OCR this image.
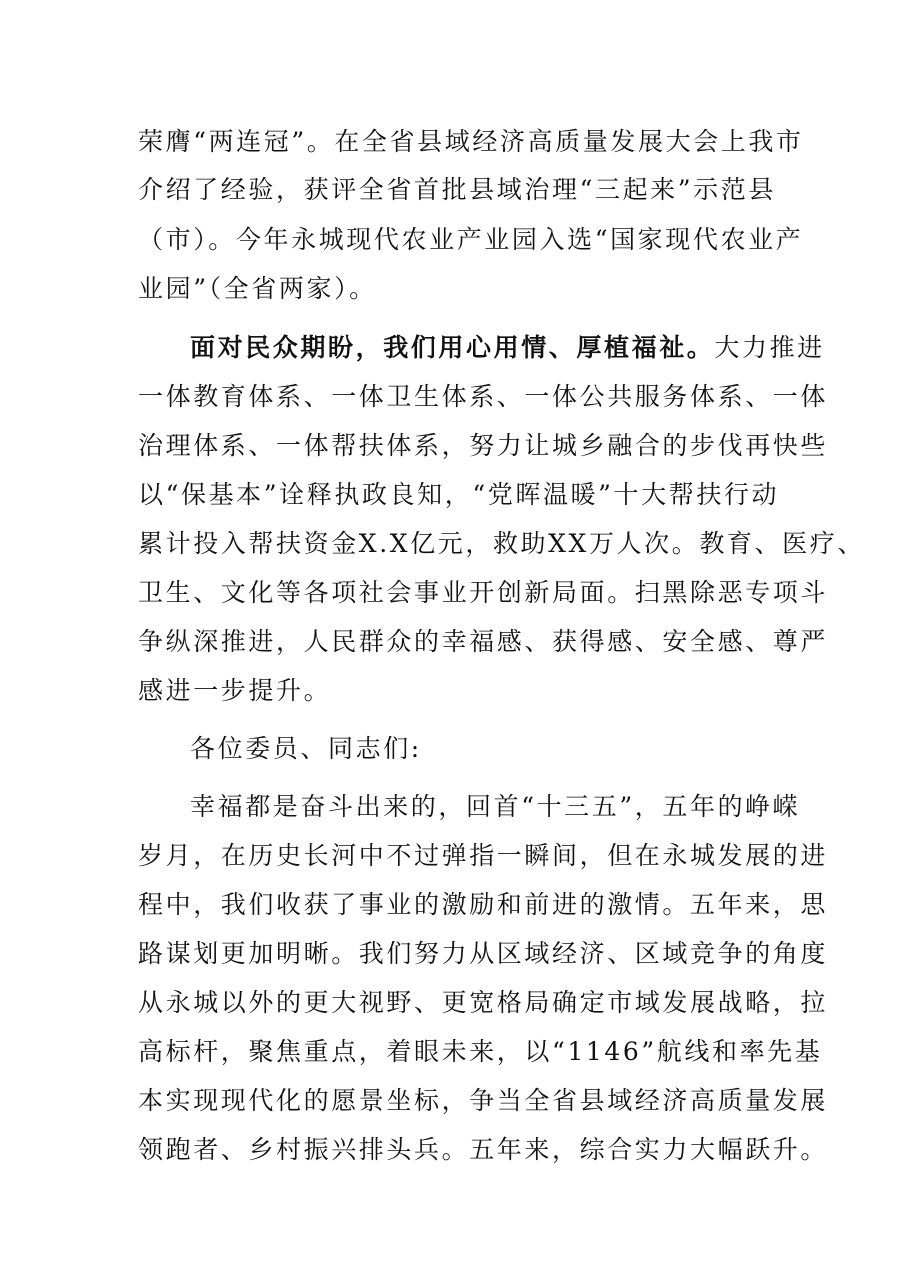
荣膺“两连冠”。在全省县域经济高质量发展大会上我市
介绍了经验，获评全省首批县域治理“三起来”示范县
（市）。今年永城现代农业产业园入选“国家现代农业产
业园”（全省两家）。
面对民众期盼，我们用心用情、厚植福祉。大力推进
一体教育体系、一体卫生体系、一体公共服务体系、一体
治理体系、一体帮扶体系，努力让城乡融合的步伐再快些
以“保基本”诠释执政良知，“党晖温暖”十大帮扶行动
累计投入帮扶资金X.X亿元，救助XX万人次。教育、医疗、
卫生、文化等各项社会事业开创新局面。扫黑除恶专项斗
争纵深推进，人民群众的幸福感、获得感、安全感、尊严
感进一步提升。
各位委员、同志们:
幸福都是奋斗出来的，回首“十三五”，五年的峥嵘
岁月，在历史长河中不过弹指一瞬间，但在永城发展的进
程中，我们收获了事业的激励和前进的激情。五年来，思
路谋划更加明晰。我们努力从区域经济、区域竞争的角度
从永城以外的更大视野、更宽格局确定市域发展战略，拉
高标杆，聚焦重点，着眼未来，以“1146”航线和率先基
本实现现代化的愿景坐标，争当全省县域经济高质量发展
领跑者、乡村振兴排头兵。五年来，综合实力大幅跃升。
